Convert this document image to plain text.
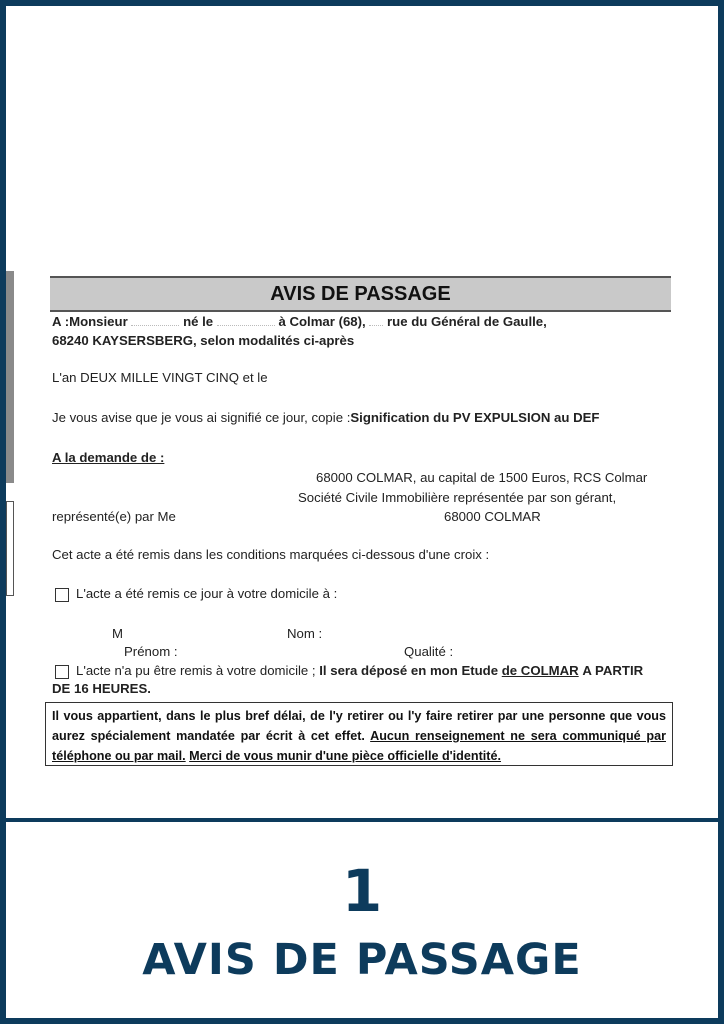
AVIS DE PASSAGE
A :Monsieur	né le	à Colmar (68), rue du Général de Gaulle,
68240 KAYSERSBERG, selon modalités ci-après
L'an DEUX MILLE VINGT CINQ et le
Je vous avise que je vous ai signifié ce jour, copie :Signification du PV EXPULSION au DEF
A la demande de :
68000 COLMAR, au capital de 1500 Euros, RCS Colmar
Société Civile Immobilière représentée par son gérant,
représenté(e) par Me	68000 COLMAR
Cet acte a été remis dans les conditions marquées ci-dessous d'une croix :
L'acte a été remis ce jour à votre domicile à :
M	Nom :
Prénom :	Qualité :
L'acte n'a pu être remis à votre domicile ; Il sera déposé en mon Etude de COLMAR A PARTIR
DE 16 HEURES.
Il vous appartient, dans le plus bref délai, de l'y retirer ou l'y faire retirer par une personne que vous aurez spécialement mandatée par écrit à cet effet. Aucun renseignement ne sera communiqué par téléphone ou par mail. Merci de vous munir d'une pièce officielle d'identité.
1
AVIS DE PASSAGE
